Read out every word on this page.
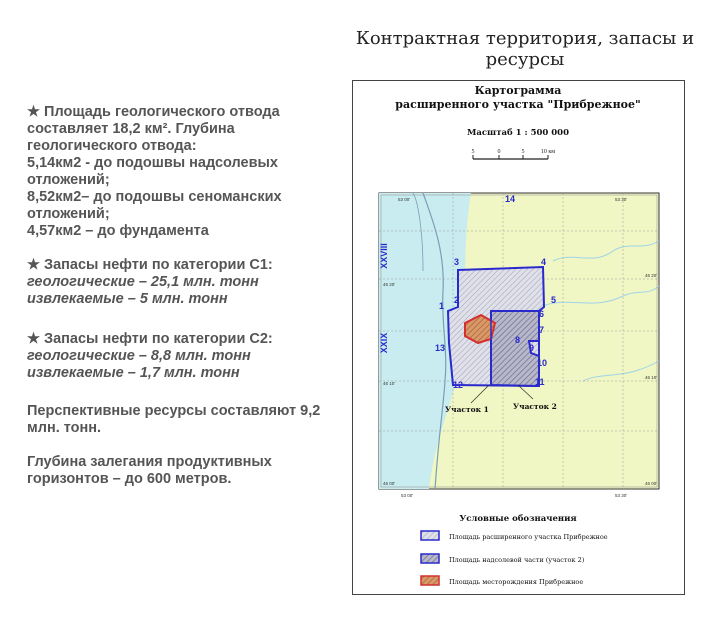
Контрактная территория, запасы и ресурсы

★ Площадь геологического отвода составляет 18,2 км². Глубина геологического отвода:

5,14км2 - до подошвы надсолевых отложений;

8,52км2– до подошвы сеноманских отложений;

4,57км2 – до фундамента

★ Запасы нефти по категории С1:

геологические – 25,1 млн. тонн

извлекаемые – 5 млн. тонн

★ Запасы нефти по категории С2:

геологические – 8,8 млн. тонн

извлекаемые – 1,7 млн. тонн

Перспективные ресурсы составляют 9,2 млн. тонн.

Глубина залегания продуктивных горизонтов – до 600 метров.

Картограмма
расширенного участка "Прибрежное"
Масштаб 1 : 500 000
5	0	5	10 км
14
XXVIII
XXIX
53 00'	53 30'
46 20'
46 20'
46 10'
46 10'
46 00'	46 00'
53 00'	53 30'
1
2
3	4
5
6
7
8
9
10
11
12
13
Участок 1	Участок 2
Условные обозначения
Площадь расширенного участка Прибрежное
Площадь надсолевой части (участок 2)
Площадь месторождения Прибрежное
